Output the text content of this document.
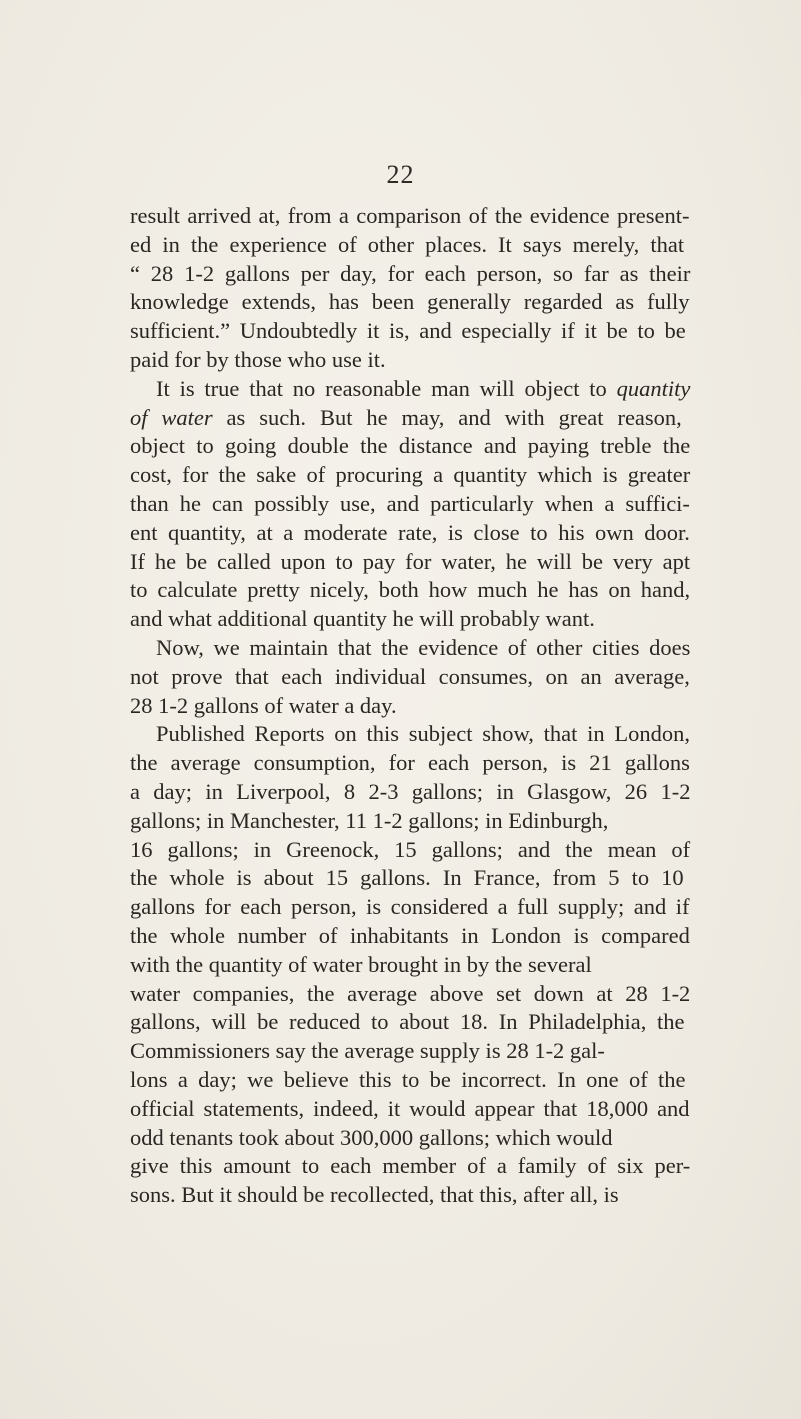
22
result arrived at, from a comparison of the evidence present-
ed in the experience of other places. It says merely, that
“ 28 1-2 gallons per day, for each person, so far as their
knowledge extends, has been generally regarded as fully
sufficient.” Undoubtedly it is, and especially if it be to be
paid for by those who use it.
It is true that no reasonable man will object to quantity
of water as such. But he may, and with great reason,
object to going double the distance and paying treble the
cost, for the sake of procuring a quantity which is greater
than he can possibly use, and particularly when a suffici-
ent quantity, at a moderate rate, is close to his own door.
If he be called upon to pay for water, he will be very apt
to calculate pretty nicely, both how much he has on hand,
and what additional quantity he will probably want.
Now, we maintain that the evidence of other cities does
not prove that each individual consumes, on an average,
28 1-2 gallons of water a day.
Published Reports on this subject show, that in London,
the average consumption, for each person, is 21 gallons
a day; in Liverpool, 8 2-3 gallons; in Glasgow, 26 1-2
gallons; in Manchester, 11 1-2 gallons; in Edinburgh,
16 gallons; in Greenock, 15 gallons; and the mean of
the whole is about 15 gallons. In France, from 5 to 10
gallons for each person, is considered a full supply; and if
the whole number of inhabitants in London is compared
with the quantity of water brought in by the several
water companies, the average above set down at 28 1-2
gallons, will be reduced to about 18. In Philadelphia, the
Commissioners say the average supply is 28 1-2 gal-
lons a day; we believe this to be incorrect. In one of the
official statements, indeed, it would appear that 18,000 and
odd tenants took about 300,000 gallons; which would
give this amount to each member of a family of six per-
sons. But it should be recollected, that this, after all, is
